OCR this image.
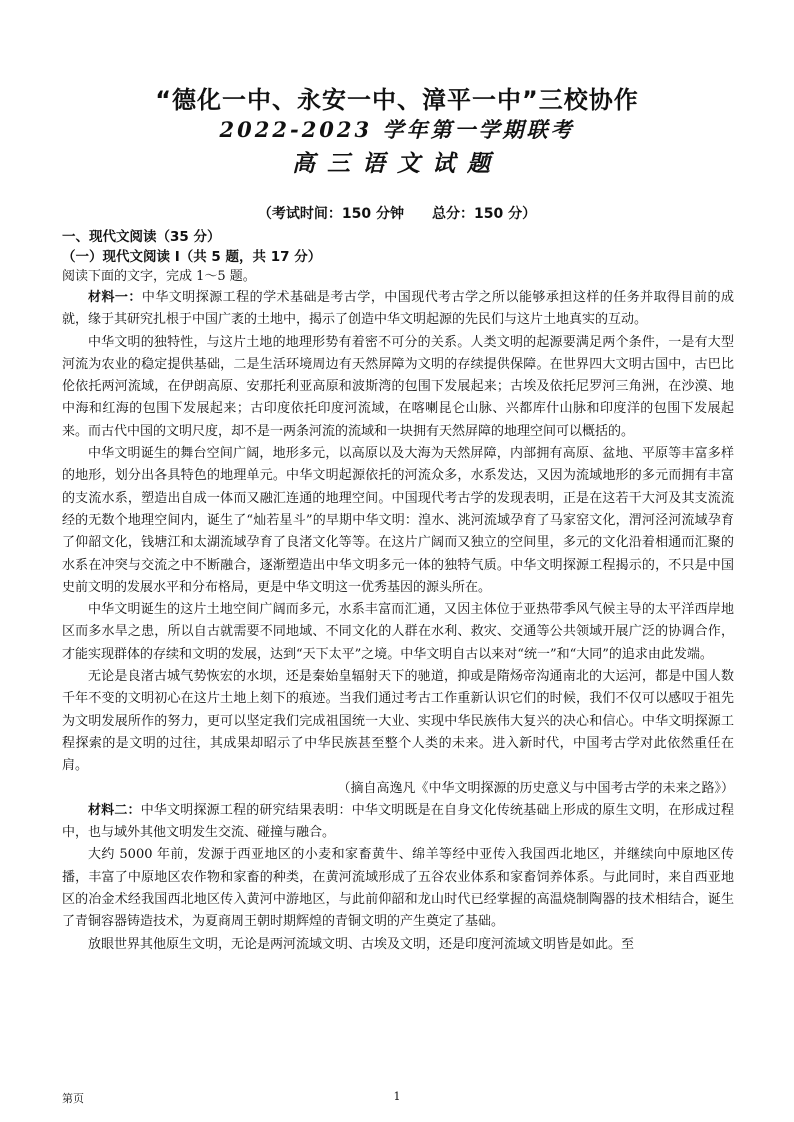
“德化一中、永安一中、漳平一中”三校协作
2022-2023 学年第一学期联考
高三语文试题
（考试时间：150 分钟 总分：150 分）

一、现代文阅读（35 分）

（一）现代文阅读 I（共 5 题，共 17 分）

阅读下面的文字，完成 1～5 题。

材料一：中华文明探源工程的学术基础是考古学，中国现代考古学之所以能够承担这样的任务并取得目前的成就，缘于其研究扎根于中国广袤的土地中，揭示了创造中华文明起源的先民们与这片土地真实的互动。

中华文明的独特性，与这片土地的地理形势有着密不可分的关系。人类文明的起源要满足两个条件，一是有大型河流为农业的稳定提供基础，二是生活环境周边有天然屏障为文明的存续提供保障。在世界四大文明古国中，古巴比伦依托两河流域，在伊朗高原、安那托利亚高原和波斯湾的包围下发展起来；古埃及依托尼罗河三角洲，在沙漠、地中海和红海的包围下发展起来；古印度依托印度河流域，在喀喇昆仑山脉、兴都库什山脉和印度洋的包围下发展起来。而古代中国的文明尺度，却不是一两条河流的流域和一块拥有天然屏障的地理空间可以概括的。

中华文明诞生的舞台空间广阔，地形多元，以高原以及大海为天然屏障，内部拥有高原、盆地、平原等丰富多样的地形，划分出各具特色的地理单元。中华文明起源依托的河流众多，水系发达，又因为流域地形的多元而拥有丰富的支流水系，塑造出自成一体而又融汇连通的地理空间。中国现代考古学的发现表明，正是在这若干大河及其支流流经的无数个地理空间内，诞生了“灿若星斗”的早期中华文明：湟水、洮河流域孕育了马家窑文化，渭河泾河流域孕育了仰韶文化，钱塘江和太湖流域孕育了良渚文化等等。在这片广阔而又独立的空间里，多元的文化沿着相通而汇聚的水系在冲突与交流之中不断融合，逐渐塑造出中华文明多元一体的独特气质。中华文明探源工程揭示的，不只是中国史前文明的发展水平和分布格局，更是中华文明这一优秀基因的源头所在。

中华文明诞生的这片土地空间广阔而多元，水系丰富而汇通，又因主体位于亚热带季风气候主导的太平洋西岸地区而多水旱之患，所以自古就需要不同地域、不同文化的人群在水利、救灾、交通等公共领域开展广泛的协调合作，才能实现群体的存续和文明的发展，达到“天下太平”之境。中华文明自古以来对“统一”和“大同”的追求由此发端。

无论是良渚古城气势恢宏的水坝，还是秦始皇辐射天下的驰道，抑或是隋炀帝沟通南北的大运河，都是中国人数千年不变的文明初心在这片土地上刻下的痕迹。当我们通过考古工作重新认识它们的时候，我们不仅可以感叹于祖先为文明发展所作的努力，更可以坚定我们完成祖国统一大业、实现中华民族伟大复兴的决心和信心。中华文明探源工程探索的是文明的过往，其成果却昭示了中华民族甚至整个人类的未来。进入新时代，中国考古学对此依然重任在肩。

（摘自高逸凡《中华文明探源的历史意义与中国考古学的未来之路》）

材料二：中华文明探源工程的研究结果表明：中华文明既是在自身文化传统基础上形成的原生文明，在形成过程中，也与域外其他文明发生交流、碰撞与融合。

大约 5000 年前，发源于西亚地区的小麦和家畜黄牛、绵羊等经中亚传入我国西北地区，并继续向中原地区传播，丰富了中原地区农作物和家畜的种类，在黄河流域形成了五谷农业体系和家畜饲养体系。与此同时，来自西亚地区的冶金术经我国西北地区传入黄河中游地区，与此前仰韶和龙山时代已经掌握的高温烧制陶器的技术相结合，诞生了青铜容器铸造技术，为夏商周王朝时期辉煌的青铜文明的产生奠定了基础。

放眼世界其他原生文明，无论是两河流域文明、古埃及文明，还是印度河流域文明皆是如此。至

第页	1
